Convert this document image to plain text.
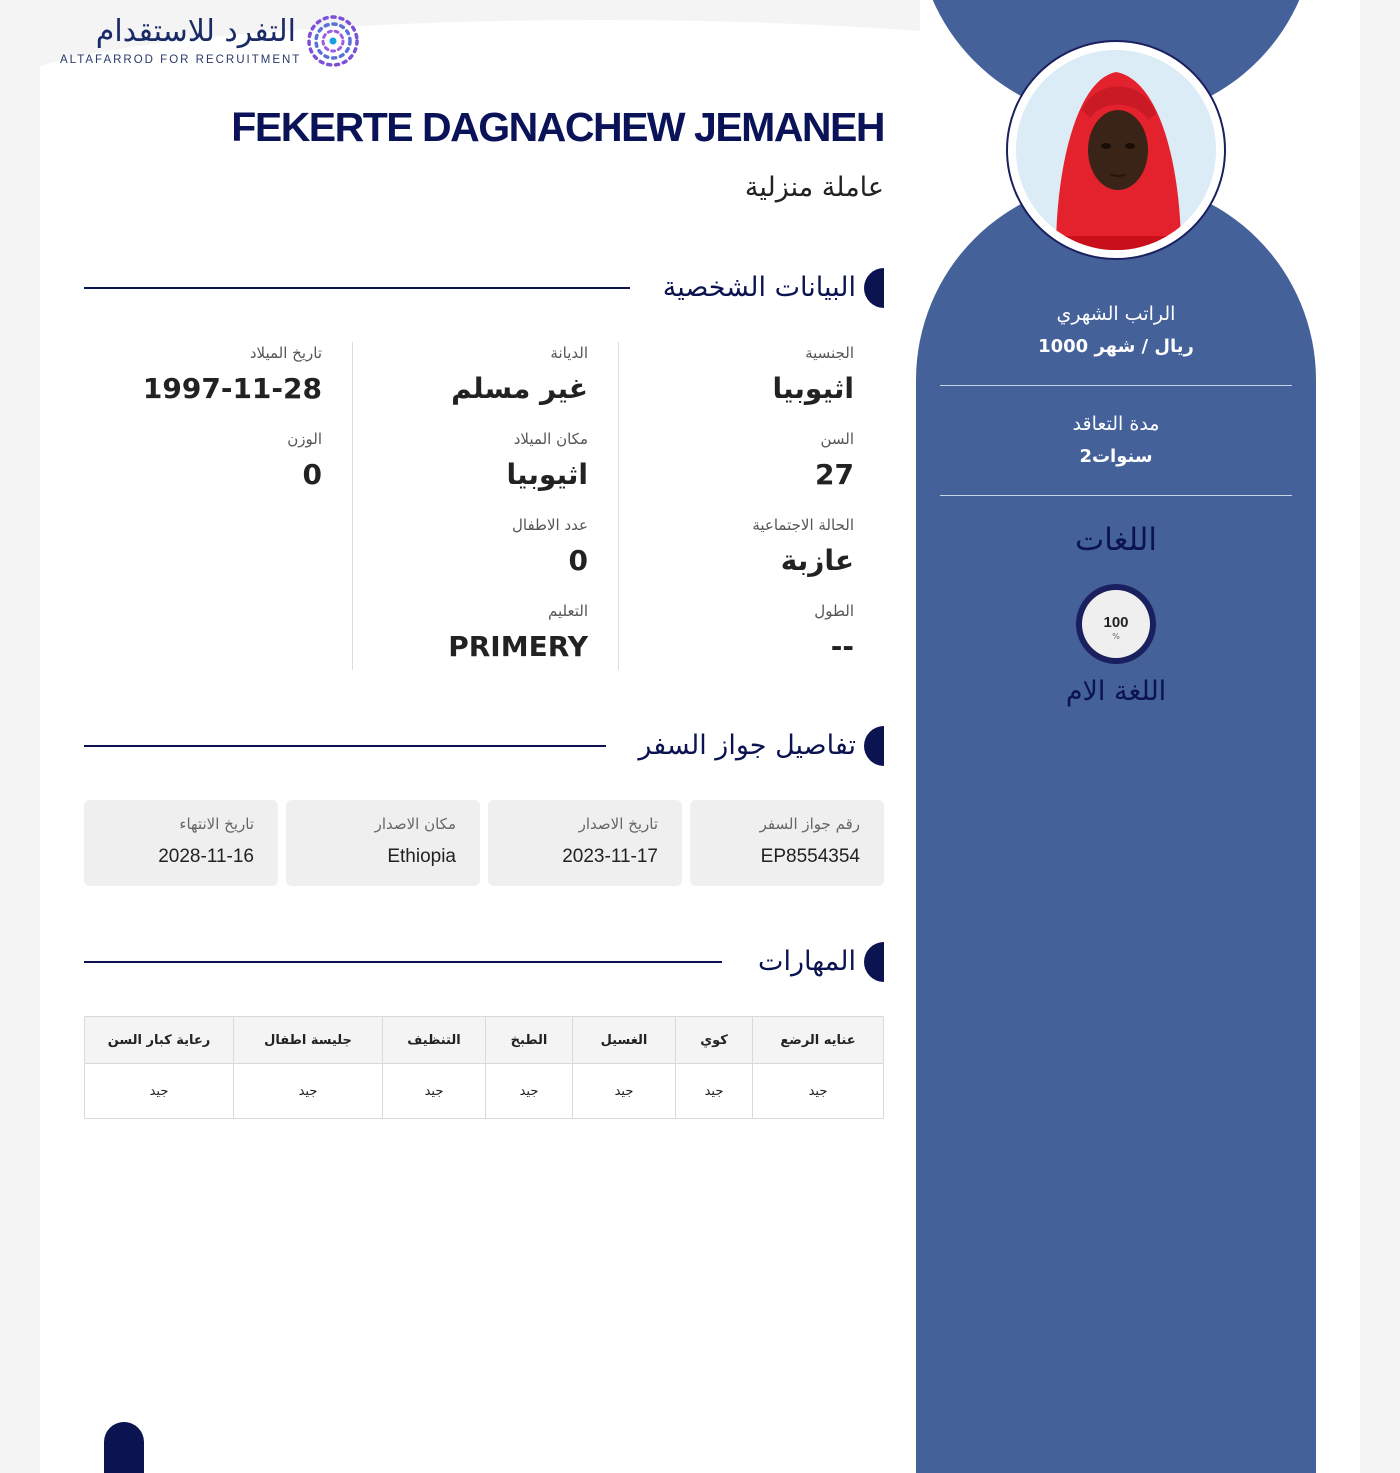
التفرد للاستقدام
ALTAFARROD FOR RECRUITMENT
FEKERTE DAGNACHEW JEMANEH
عاملة منزلية
البيانات الشخصية
الجنسية
اثيوبيا
السن
27
الحالة الاجتماعية
عازبة
الطول
--
الديانة
غير مسلم
مكان الميلاد
اثيوبيا
عدد الاطفال
0
التعليم
PRIMERY
تاريخ الميلاد
1997-11-28
الوزن
0
تفاصيل جواز السفر
رقم جواز السفر
EP8554354
تاريخ الاصدار
2023-11-17
مكان الاصدار
Ethiopia
تاريخ الانتهاء
2028-11-16
المهارات
عنايه الرضع	كوي	الغسيل	الطبخ	التنظيف	جليسة اطفال	رعاية كبار السن
جيد	جيد	جيد	جيد	جيد	جيد	جيد
الراتب الشهري
1000 ريال / شهر
مدة التعاقد
2سنوات
اللغات
100
%
اللغة الام
